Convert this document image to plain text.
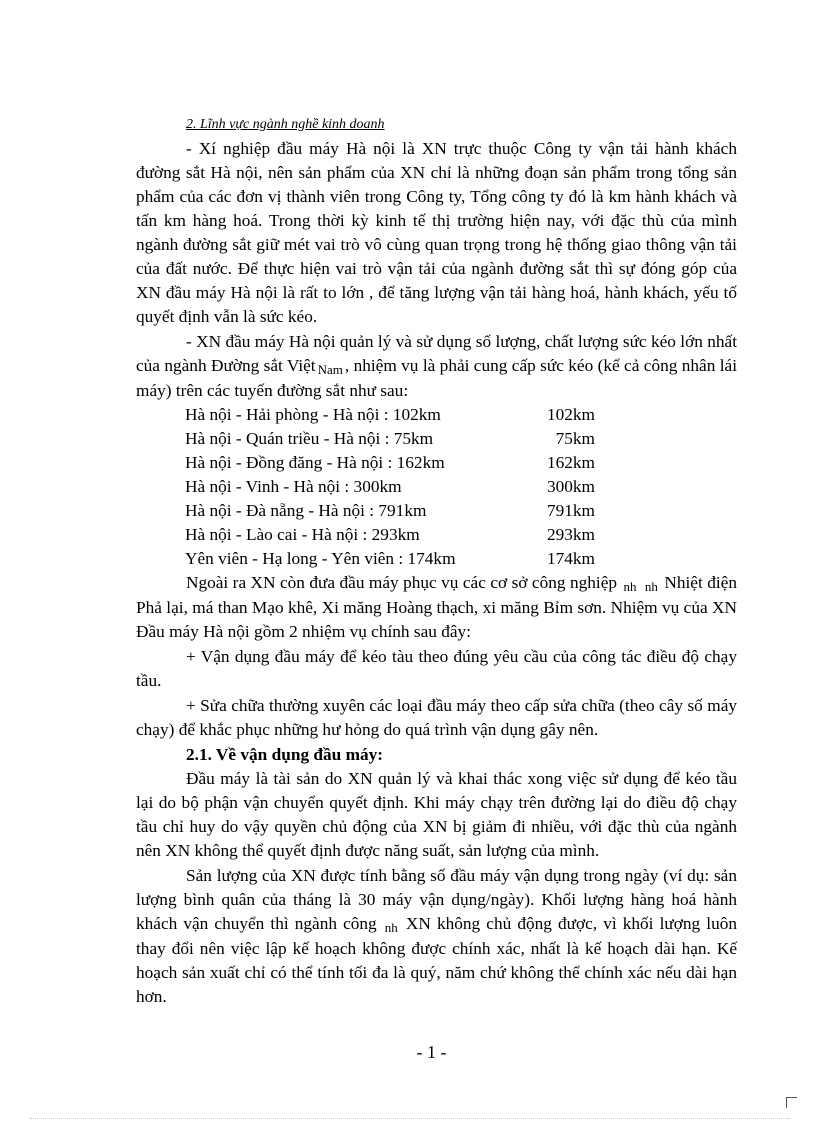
2. Lĩnh vực ngành nghề kinh doanh

- Xí nghiệp đầu máy Hà nội là XN trực thuộc Công ty vận tải hành khách đường sắt Hà nội, nên sản phẩm của XN chỉ là những đoạn sản phẩm trong tổng sản phẩm của các đơn vị thành viên trong Công ty, Tổng công ty đó là km hành khách và tấn km hàng hoá. Trong thời kỳ kinh tế thị trường hiện nay, với đặc thù của mình ngành đường sắt giữ mét vai trò vô cùng quan trọng trong hệ thống giao thông vận tải của đất nước. Để thực hiện vai trò vận tải của ngành đường sắt thì sự đóng góp của XN đầu máy Hà nội là rất to lớn , để tăng lượng vận tải hàng hoá, hành khách, yếu tố quyết định vẫn là sức kéo.

- XN đầu máy Hà nội quản lý và sử dụng số lượng, chất lượng sức kéo lớn nhất của ngành Đường sắt Việt Nam , nhiệm vụ là phải cung cấp sức kéo (kể cả công nhân lái máy) trên các tuyến đường sắt như sau:

Hà nội - Hải phòng - Hà nội : 102km	102km
Hà nội - Quán triều - Hà nội : 75km	75km
Hà nội - Đồng đăng - Hà nội : 162km	162km
Hà nội - Vinh - Hà nội : 300km	300km
Hà nội - Đà nẵng - Hà nội : 791km	791km
Hà nội - Lào cai - Hà nội : 293km	293km
Yên viên - Hạ long - Yên viên : 174km	174km

Ngoài ra XN còn đưa đầu máy phục vụ các cơ sở công nghiệp nh nh Nhiệt điện Phả lại, má than Mạo khê, Xi măng Hoàng thạch, xi măng Bỉm sơn. Nhiệm vụ của XN Đầu máy Hà nội gồm 2 nhiệm vụ chính sau đây:

+ Vận dụng đầu máy để kéo tàu theo đúng yêu cầu của công tác điều độ chạy tầu.

+ Sửa chữa thường xuyên các loại đầu máy theo cấp sửa chữa (theo cây số máy chạy) để khắc phục những hư hỏng do quá trình vận dụng gây nên.

2.1. Về vận dụng đầu máy:

Đầu máy là tài sản do XN quản lý và khai thác xong việc sử dụng để kéo tầu lại do bộ phận vận chuyển quyết định. Khi máy chạy trên đường lại do điều độ chạy tầu chỉ huy do vậy quyền chủ động của XN bị giảm đi nhiều, với đặc thù của ngành nên XN không thể quyết định được năng suất, sản lượng của mình.

Sản lượng của XN được tính bằng số đầu máy vận dụng trong ngày (ví dụ: sản lượng bình quân của tháng là 30 máy vận dụng/ngày). Khối lượng hàng hoá hành khách vận chuyển thì ngành công nh XN không chủ động được, vì khối lượng luôn thay đổi nên việc lập kế hoạch không được chính xác, nhất là kế hoạch dài hạn. Kế hoạch sản xuất chỉ có thể tính tối đa là quý, năm chứ không thể chính xác nếu dài hạn hơn.

- 1 -
